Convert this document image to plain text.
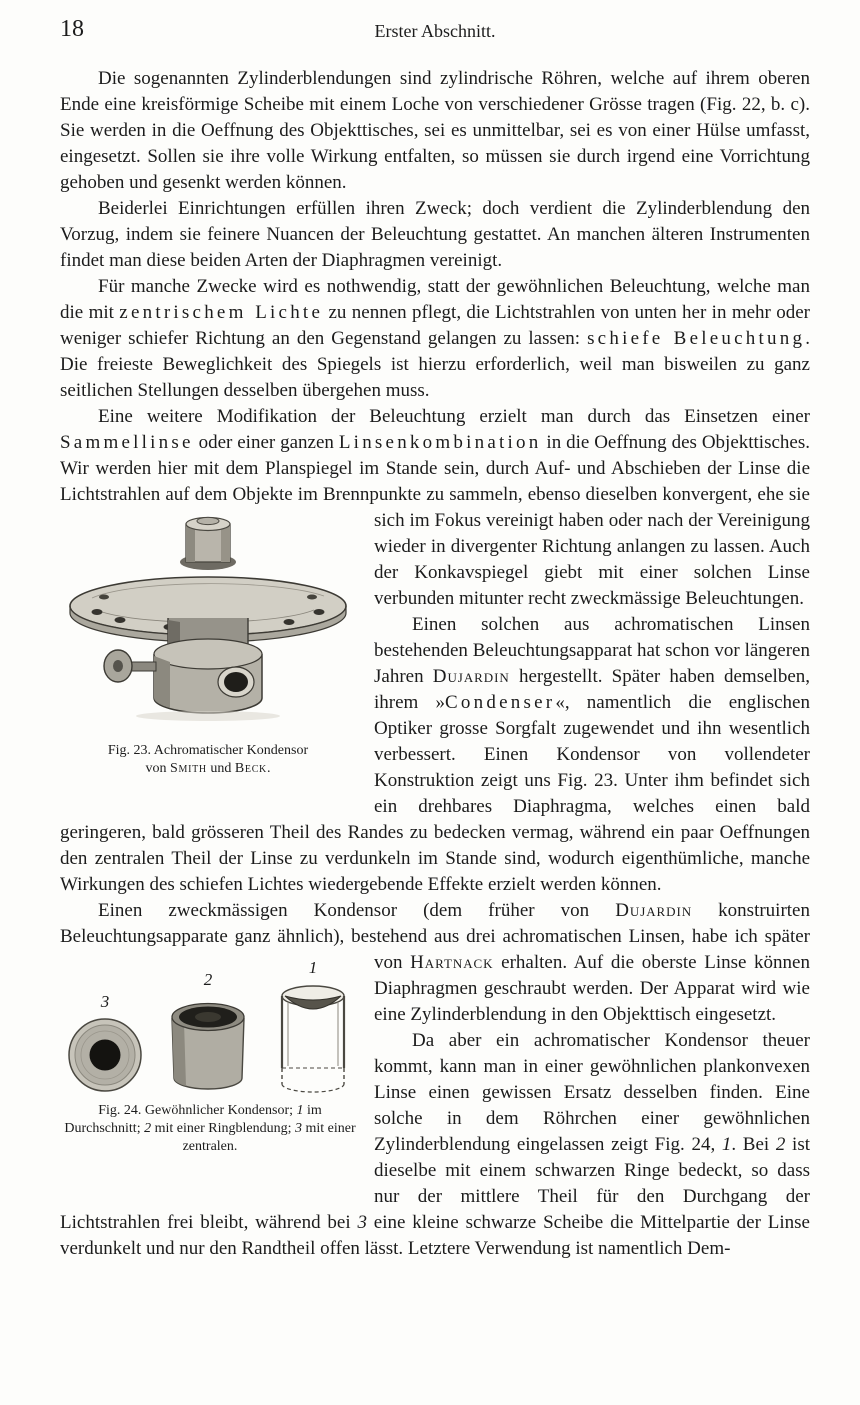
18	Erster Abschnitt.
Die sogenannten Zylinderblendungen sind zylindrische Röhren, welche auf ihrem oberen Ende eine kreisförmige Scheibe mit einem Loche von verschiedener Grösse tragen (Fig. 22, b. c). Sie werden in die Oeffnung des Objekttisches, sei es unmittelbar, sei es von einer Hülse umfasst, eingesetzt. Sollen sie ihre volle Wirkung entfalten, so müssen sie durch irgend eine Vorrichtung gehoben und gesenkt werden können.
Beiderlei Einrichtungen erfüllen ihren Zweck; doch verdient die Zylinderblendung den Vorzug, indem sie feinere Nuancen der Beleuchtung gestattet. An manchen älteren Instrumenten findet man diese beiden Arten der Diaphragmen vereinigt.
Für manche Zwecke wird es nothwendig, statt der gewöhnlichen Beleuchtung, welche man die mit zentrischem Lichte zu nennen pflegt, die Lichtstrahlen von unten her in mehr oder weniger schiefer Richtung an den Gegenstand gelangen zu lassen: schiefe Beleuchtung. Die freieste Beweglichkeit des Spiegels ist hierzu erforderlich, weil man bisweilen zu ganz seitlichen Stellungen desselben übergehen muss.
Eine weitere Modifikation der Beleuchtung erzielt man durch das Einsetzen einer Sammellinse oder einer ganzen Linsenkombination in die Oeffnung des Objekttisches. Wir werden hier mit dem Planspiegel im Stande sein, durch Auf- und Abschieben der Linse die Lichtstrahlen auf dem Objekte im Brennpunkte zu sammeln, ebenso dieselben konvergent, ehe sie sich im Fokus vereinigt
Fig. 23. Achromatischer Kondensor
von Smith und Beck.
haben oder nach der Vereinigung wieder in divergenter Richtung anlangen zu lassen. Auch der Konkavspiegel giebt mit einer solchen Linse verbunden mitunter recht zweckmässige Beleuchtungen.
Einen solchen aus achromatischen Linsen bestehenden Beleuchtungsapparat hat schon vor längeren Jahren Dujardin hergestellt. Später haben demselben, ihrem »Condenser«, namentlich die englischen Optiker grosse Sorgfalt zugewendet und ihn wesentlich verbessert. Einen Kondensor von vollendeter Konstruktion zeigt uns Fig. 23. Unter ihm befindet sich ein drehbares Diaphragma, welches einen bald geringeren, bald grösseren Theil des Randes zu bedecken vermag, während ein paar Oeffnungen den zentralen Theil der Linse zu verdunkeln im Stande sind, wodurch eigenthümliche, manche Wirkungen des schiefen Lichtes wiedergebende Effekte erzielt werden können.
Einen zweckmässigen Kondensor (dem früher von Dujardin konstruirten Beleuchtungsapparate ganz ähnlich), bestehend aus drei achromatischen Linsen,
3
2
1
Fig. 24. Gewöhnlicher Kondensor; 1 im Durchschnitt; 2 mit einer Ringblendung; 3 mit einer zentralen.
habe ich später von Hartnack erhalten. Auf die oberste Linse können Diaphragmen geschraubt werden. Der Apparat wird wie eine Zylinderblendung in den Objekttisch eingesetzt.
Da aber ein achromatischer Kondensor theuer kommt, kann man in einer gewöhnlichen plankonvexen Linse einen gewissen Ersatz desselben finden. Eine solche in dem Röhrchen einer gewöhnlichen Zylinderblendung eingelassen zeigt Fig. 24, 1. Bei 2 ist dieselbe mit einem schwarzen Ringe bedeckt, so dass nur der mittlere Theil für den Durchgang der Lichtstrahlen frei bleibt, während bei 3 eine kleine schwarze Scheibe die Mittelpartie der Linse verdunkelt und nur den Randtheil offen lässt. Letztere Verwendung ist namentlich Dem-
